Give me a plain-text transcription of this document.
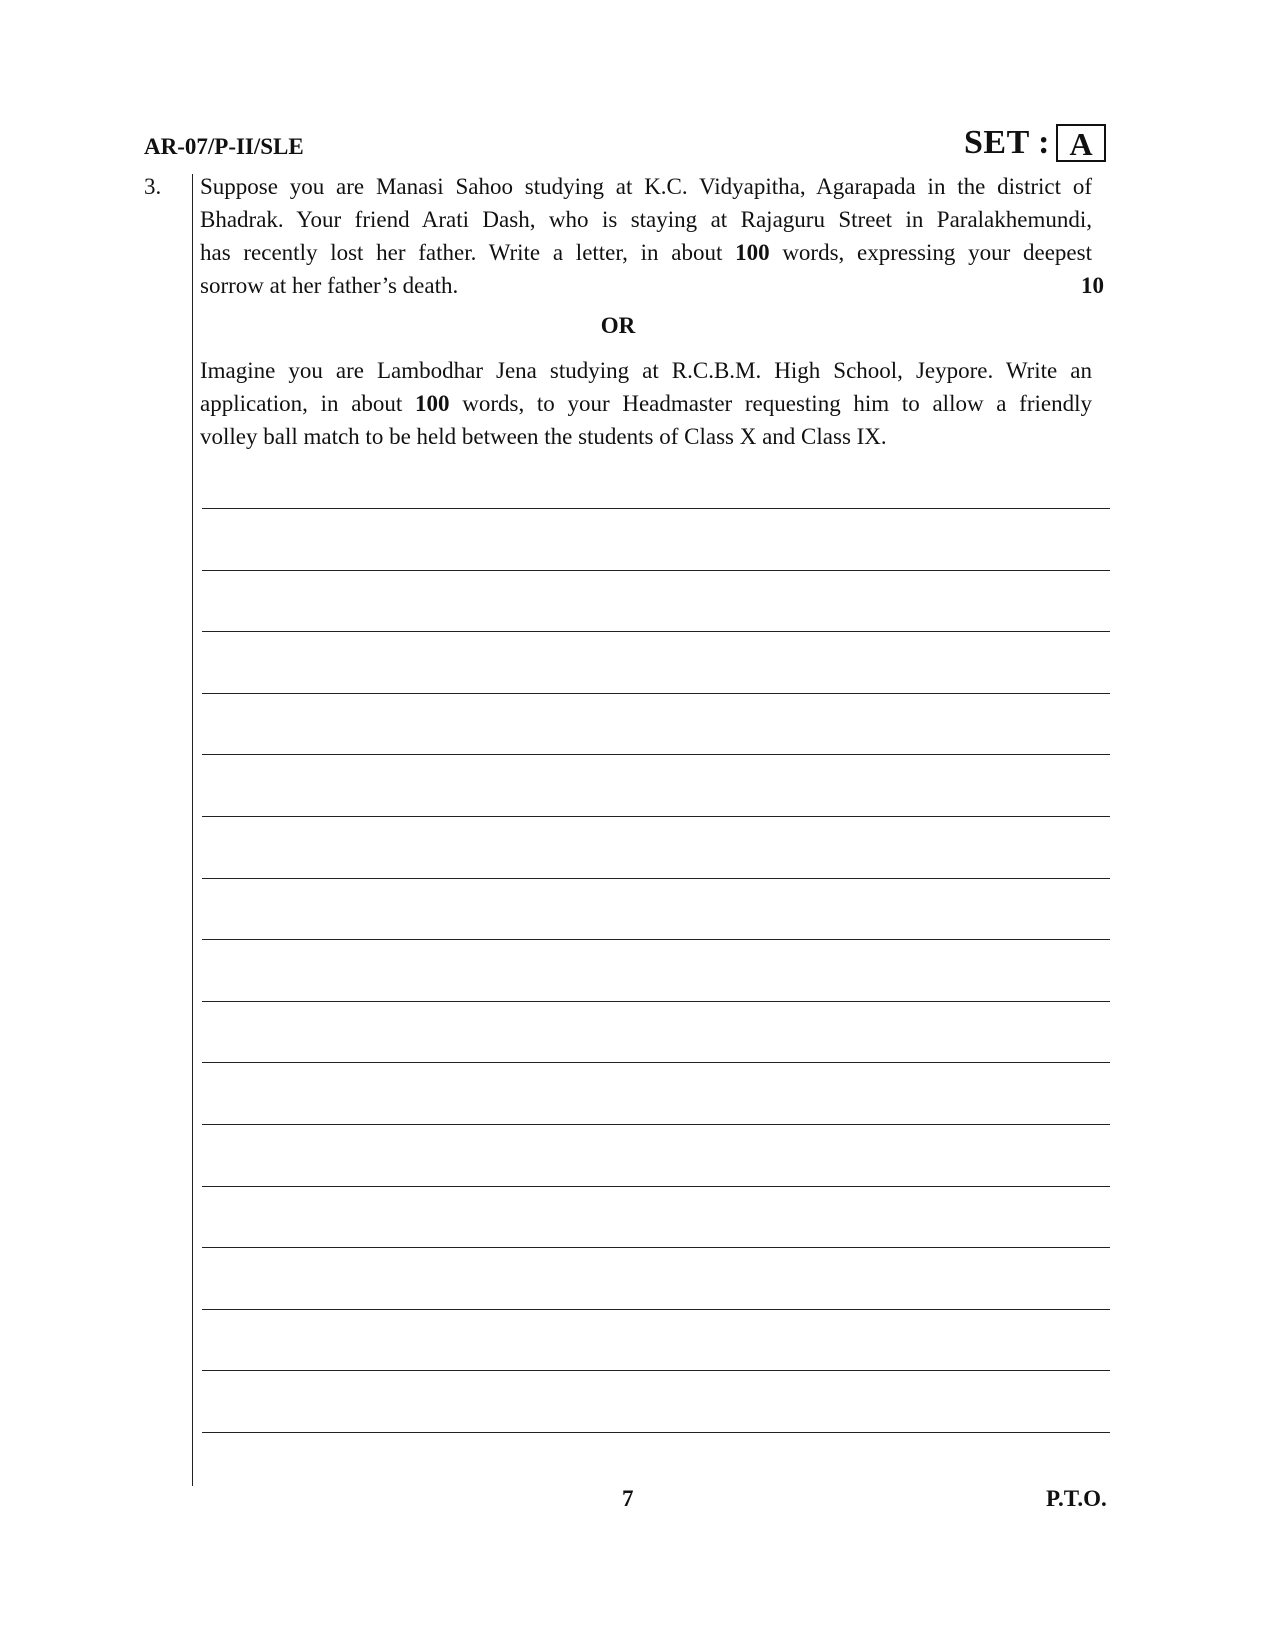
AR-07/P-II/SLE	SET : A
3. Suppose you are Manasi Sahoo studying at K.C. Vidyapitha, Agarapada in the district of
Bhadrak. Your friend Arati Dash, who is staying at Rajaguru Street in Paralakhemundi,
has recently lost her father. Write a letter, in about 100 words, expressing your deepest
sorrow at her father’s death.	10
OR
Imagine you are Lambodhar Jena studying at R.C.B.M. High School, Jeypore. Write an
application, in about 100 words, to your Headmaster requesting him to allow a friendly
volley ball match to be held between the students of Class X and Class IX.
7	P.T.O.
